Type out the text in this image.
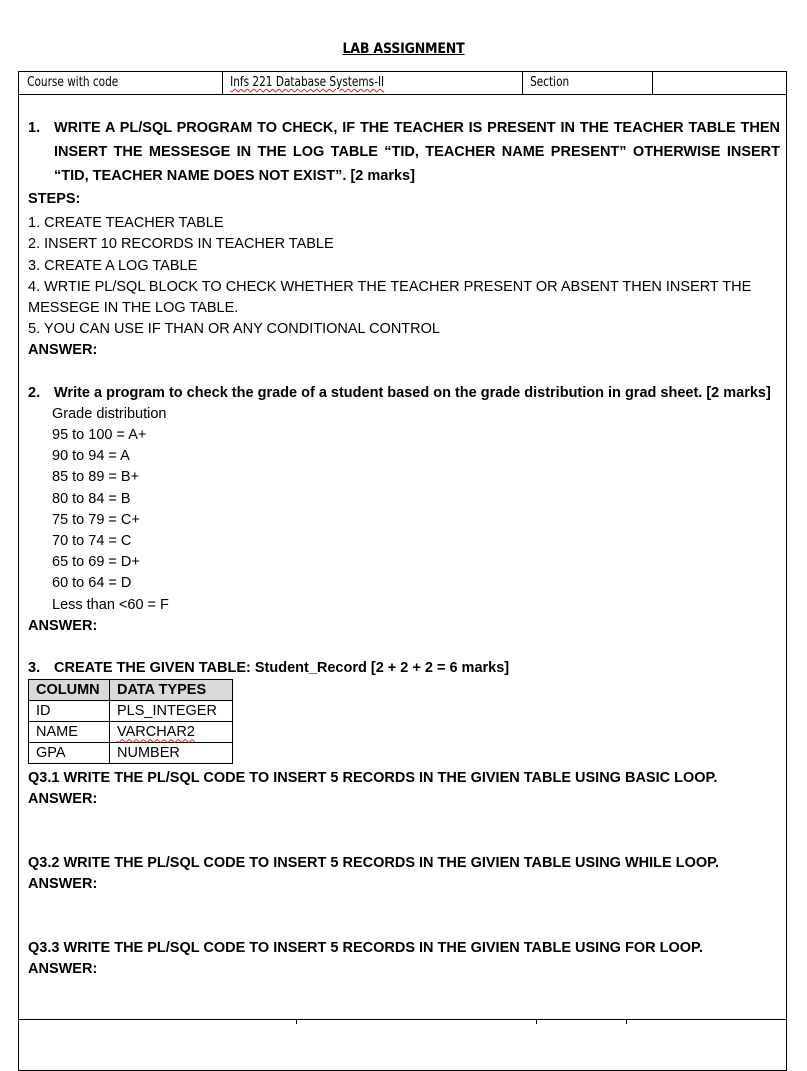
LAB ASSIGNMENT
Course with code	Infs 221 Database Systems-II	Section
1. WRITE A PL/SQL PROGRAM TO CHECK, IF THE TEACHER IS PRESENT IN THE TEACHER TABLE THEN INSERT THE MESSESGE IN THE LOG TABLE “TID, TEACHER NAME PRESENT” OTHERWISE INSERT “TID, TEACHER NAME DOES NOT EXIST”. [2 marks]
STEPS:
1. CREATE TEACHER TABLE
2. INSERT 10 RECORDS IN TEACHER TABLE
3. CREATE A LOG TABLE
4. WRTIE PL/SQL BLOCK TO CHECK WHETHER THE TEACHER PRESENT OR ABSENT THEN INSERT THE MESSEGE IN THE LOG TABLE.
5. YOU CAN USE IF THAN OR ANY CONDITIONAL CONTROL
ANSWER:
2. Write a program to check the grade of a student based on the grade distribution in grad sheet. [2 marks]
Grade distribution
95 to 100 = A+
90 to 94 = A
85 to 89 = B+
80 to 84 = B
75 to 79 = C+
70 to 74 = C
65 to 69 = D+
60 to 64 = D
Less than <60 = F
ANSWER:
3. CREATE THE GIVEN TABLE: Student_Record [2 + 2 + 2 = 6 marks]
COLUMN	DATA TYPES
ID	PLS_INTEGER
NAME	VARCHAR2
GPA	NUMBER
Q3.1 WRITE THE PL/SQL CODE TO INSERT 5 RECORDS IN THE GIVIEN TABLE USING BASIC LOOP.
ANSWER:
Q3.2 WRITE THE PL/SQL CODE TO INSERT 5 RECORDS IN THE GIVIEN TABLE USING WHILE LOOP.
ANSWER:
Q3.3 WRITE THE PL/SQL CODE TO INSERT 5 RECORDS IN THE GIVIEN TABLE USING FOR LOOP.
ANSWER:
